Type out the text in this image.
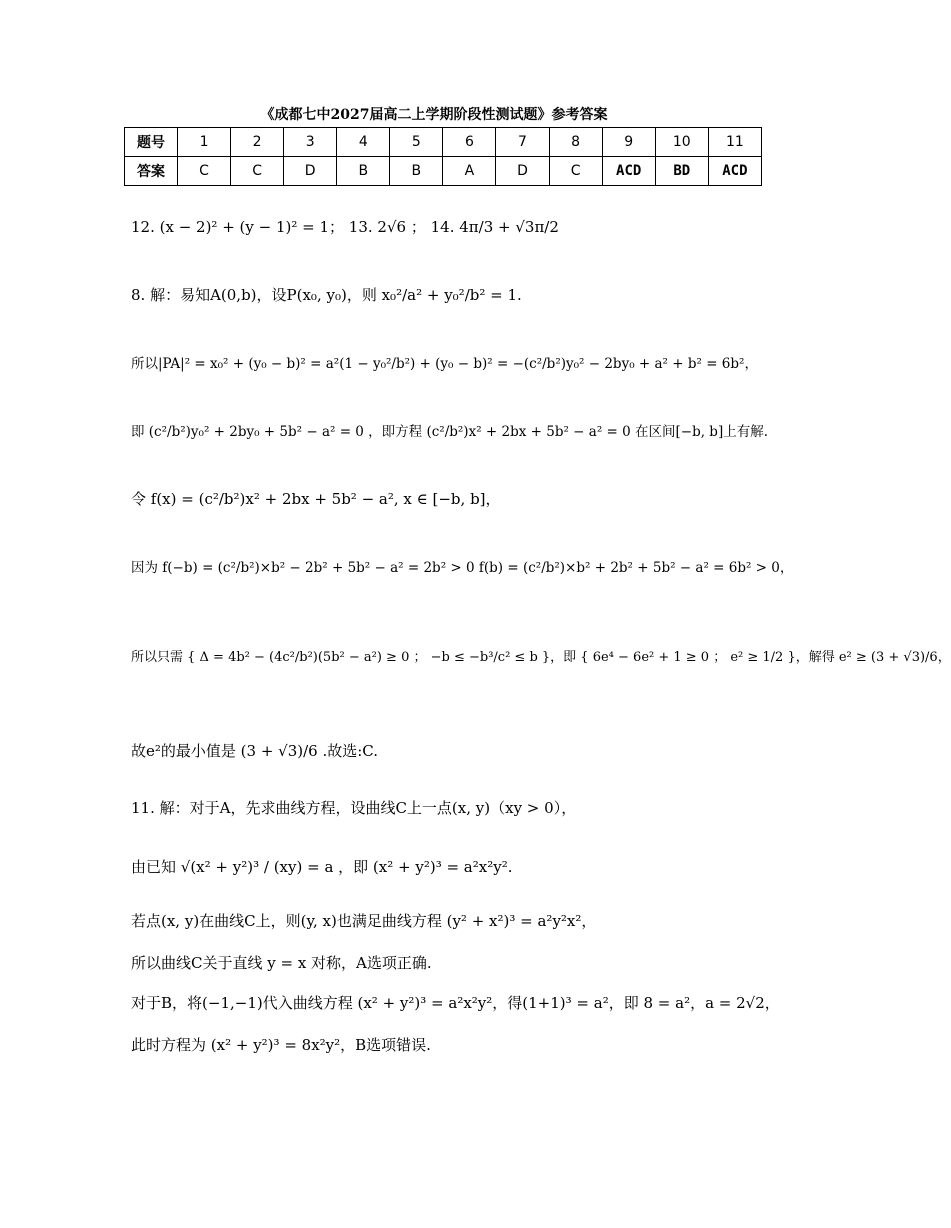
《成都七中2027届高二上学期阶段性测试题》参考答案
题号	1	2	3	4	5	6	7	8	9	10	11
答案	C	C	D	B	B	A	D	C	ACD	BD	ACD
12. (x − 2)² + (y − 1)² = 1； 13. 2√6 ； 14. 4π/3 + √3π/2
8. 解：易知A(0,b)，设P(x₀, y₀)，则 x₀²/a² + y₀²/b² = 1.
所以|PA|² = x₀² + (y₀ − b)² = a²(1 − y₀²/b²) + (y₀ − b)² = −(c²/b²)y₀² − 2by₀ + a² + b² = 6b²，
即 (c²/b²)y₀² + 2by₀ + 5b² − a² = 0 ，即方程 (c²/b²)x² + 2bx + 5b² − a² = 0 在区间[−b, b]上有解.
令 f(x) = (c²/b²)x² + 2bx + 5b² − a², x ∈ [−b, b]，
因为 f(−b) = (c²/b²)×b² − 2b² + 5b² − a² = 2b² > 0 f(b) = (c²/b²)×b² + 2b² + 5b² − a² = 6b² > 0，
所以只需 { Δ = 4b² − (4c²/b²)(5b² − a²) ≥ 0 ； −b ≤ −b³/c² ≤ b }，即 { 6e⁴ − 6e² + 1 ≥ 0 ； e² ≥ 1/2 }，解得 e² ≥ (3 + √3)/6，
故e²的最小值是 (3 + √3)/6 .故选:C.
11. 解：对于A，先求曲线方程，设曲线C上一点(x, y)（xy > 0），
由已知 √(x² + y²)³ / (xy) = a ，即 (x² + y²)³ = a²x²y².
若点(x, y)在曲线C上，则(y, x)也满足曲线方程 (y² + x²)³ = a²y²x²，
所以曲线C关于直线 y = x 对称，A选项正确.
对于B，将(−1,−1)代入曲线方程 (x² + y²)³ = a²x²y²，得(1+1)³ = a²，即 8 = a²，a = 2√2，
此时方程为 (x² + y²)³ = 8x²y²，B选项错误.
